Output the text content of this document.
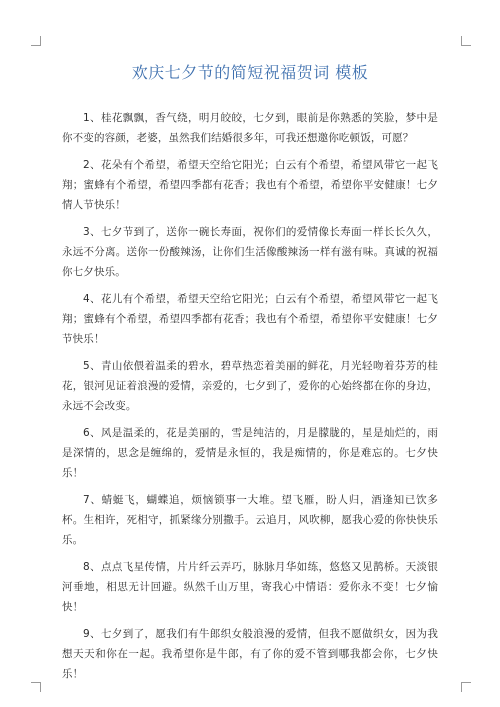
欢庆七夕节的简短祝福贺词 模板

1、桂花飘飘，香气绕，明月皎皎，七夕到，眼前是你熟悉的笑脸，梦中是你不变的容颜，老婆，虽然我们结婚很多年，可我还想邀你吃顿饭，可愿？

2、花朵有个希望，希望天空给它阳光；白云有个希望，希望风带它一起飞翔；蜜蜂有个希望，希望四季都有花香；我也有个希望，希望你平安健康！七夕情人节快乐！

3、七夕节到了，送你一碗长寿面，祝你们的爱情像长寿面一样长长久久，永远不分离。送你一份酸辣汤，让你们生活像酸辣汤一样有滋有味。真诚的祝福你七夕快乐。

4、花儿有个希望，希望天空给它阳光；白云有个希望，希望风带它一起飞翔；蜜蜂有个希望，希望四季都有花香；我也有个希望，希望你平安健康！七夕节快乐！

5、青山依偎着温柔的碧水，碧草热恋着美丽的鲜花，月光轻吻着芬芳的桂花，银河见证着浪漫的爱情，亲爱的，七夕到了，爱你的心始终都在你的身边，永远不会改变。

6、风是温柔的，花是美丽的，雪是纯洁的，月是朦胧的，星是灿烂的，雨是深情的，思念是缠绵的，爱情是永恒的，我是痴情的，你是难忘的。七夕快乐！

7、蜻蜓飞，蝴蝶追，烦恼锁事一大堆。望飞雁，盼人归，酒逢知已饮多杯。生相许，死相守，抓紧缘分别撒手。云追月，风吹柳，愿我心爱的你快快乐乐。

8、点点飞星传情，片片纤云弄巧，脉脉月华如练，悠悠又见鹊桥。天淡银河垂地，相思无计回避。纵然千山万里，寄我心中情语：爱你永不变！七夕愉快！

9、七夕到了，愿我们有牛郎织女般浪漫的爱情，但我不愿做织女，因为我想天天和你在一起。我希望你是牛郎，有了你的爱不管到哪我都会你，七夕快乐！
